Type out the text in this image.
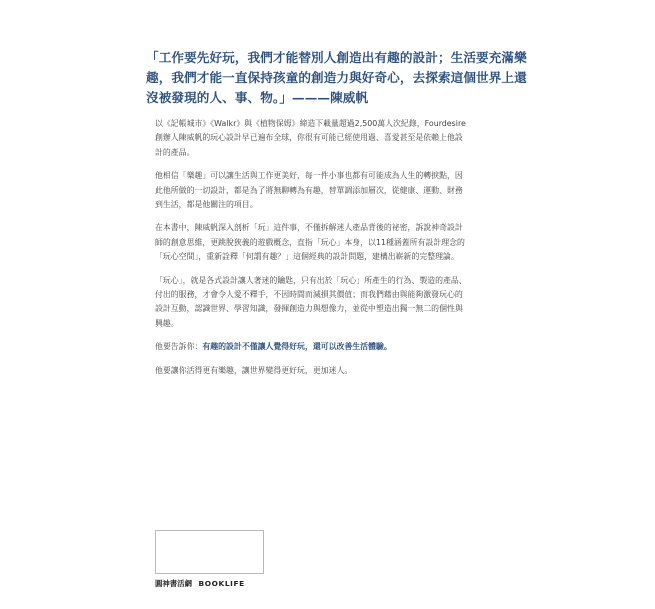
「工作要先好玩，我們才能替別人創造出有趣的設計；生活要充滿樂

趣，我們才能一直保持孩童的創造力與好奇心，去探索這個世界上還

沒被發現的人、事、物。」———陳威帆

以《記帳城市》《Walkr》與《植物保姆》締造下載量超過2,500萬人次紀錄，Fourdesire
創辦人陳威帆的玩心設計早已遍布全球，你很有可能已經使用過、喜愛甚至是依賴上他設
計的產品。
他相信「樂趣」可以讓生活與工作更美好，每一件小事也都有可能成為人生的轉捩點，因
此他所做的一切設計，都是為了將無聊轉為有趣，替單調添加層次，從健康、運動、財務
到生活，都是他關注的項目。
在本書中，陳威帆深入剖析「玩」這件事，不僅拆解迷人產品背後的祕密，訴說神奇設計
師的創意思維，更跳脫狹義的遊戲概念，直指「玩心」本身，以11種涵蓋所有設計理念的
「玩心空間」，重新詮釋「何謂有趣？」這個經典的設計問題，建構出嶄新的完整理論。
「玩心」，就是各式設計讓人著迷的鑰匙，只有出於「玩心」所產生的行為、製造的產品、
付出的服務，才會令人愛不釋手，不因時間而減損其價值；而我們藉由與能夠激發玩心的
設計互動，認識世界、學習知識，發揮創造力與想像力，並從中塑造出獨一無二的個性與
興趣。
他要告訴你：有趣的設計不僅讓人覺得好玩，還可以改善生活體驗。
他要讓你活得更有樂趣，讓世界變得更好玩，更加迷人。
圓神書活網 BOOKLIFE
